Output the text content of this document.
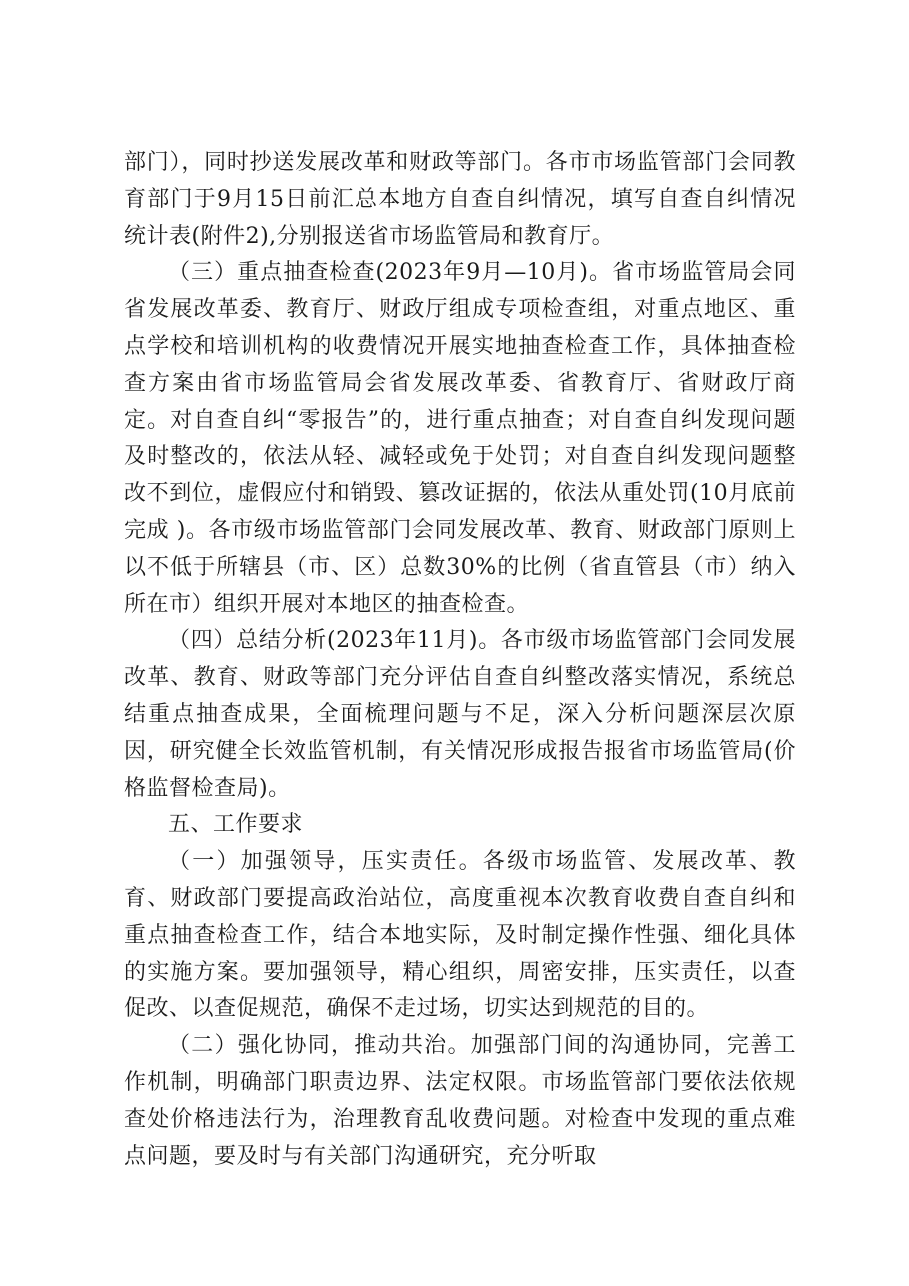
部门），同时抄送发展改革和财政等部门。各市市场监管部门会同教育部门于9月15日前汇总本地方自查自纠情况，填写自查自纠情况统计表(附件2),分别报送省市场监管局和教育厅。

（三）重点抽查检查(2023年9月—10月)。省市场监管局会同省发展改革委、教育厅、财政厅组成专项检查组，对重点地区、重点学校和培训机构的收费情况开展实地抽查检查工作，具体抽查检查方案由省市场监管局会省发展改革委、省教育厅、省财政厅商定。对自查自纠“零报告”的，进行重点抽查；对自查自纠发现问题及时整改的，依法从轻、减轻或免于处罚；对自查自纠发现问题整改不到位，虚假应付和销毁、篡改证据的，依法从重处罚(10月底前完成 )。各市级市场监管部门会同发展改革、教育、财政部门原则上以不低于所辖县（市、区）总数30%的比例（省直管县（市）纳入所在市）组织开展对本地区的抽查检查。

（四）总结分析(2023年11月)。各市级市场监管部门会同发展改革、教育、财政等部门充分评估自查自纠整改落实情况，系统总结重点抽查成果，全面梳理问题与不足，深入分析问题深层次原因，研究健全长效监管机制，有关情况形成报告报省市场监管局(价格监督检查局)。

五、工作要求

（一）加强领导，压实责任。各级市场监管、发展改革、教育、财政部门要提高政治站位，高度重视本次教育收费自查自纠和重点抽查检查工作，结合本地实际，及时制定操作性强、细化具体的实施方案。要加强领导，精心组织，周密安排，压实责任，以查促改、以查促规范，确保不走过场，切实达到规范的目的。

（二）强化协同，推动共治。加强部门间的沟通协同，完善工作机制，明确部门职责边界、法定权限。市场监管部门要依法依规查处价格违法行为，治理教育乱收费问题。对检查中发现的重点难点问题，要及时与有关部门沟通研究，充分听取
